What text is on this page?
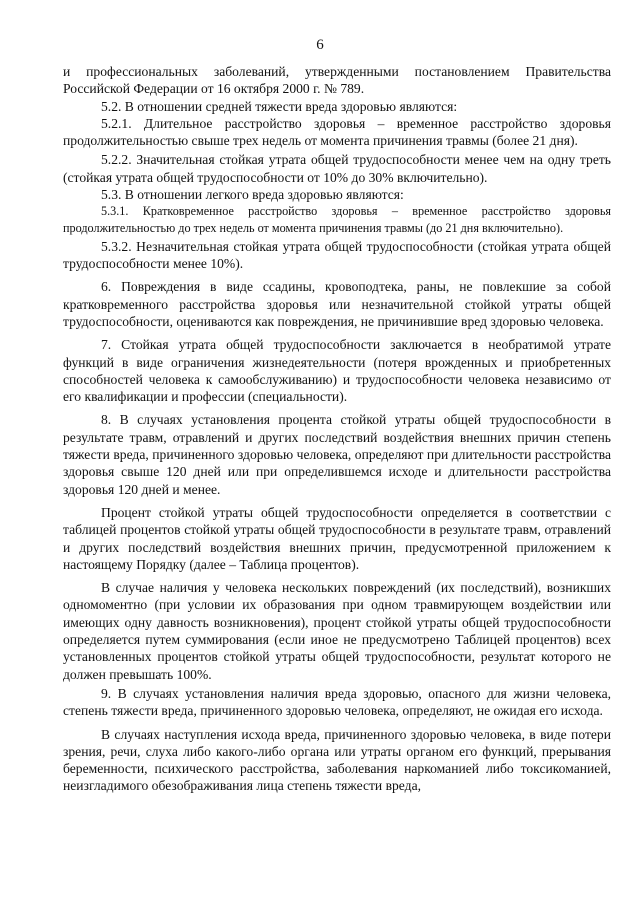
6

и профессиональных заболеваний, утвержденными постановлением Правительства Российской Федерации от 16 октября 2000 г. № 789.

5.2. В отношении средней тяжести вреда здоровью являются:

5.2.1. Длительное расстройство здоровья – временное расстройство здоровья продолжительностью свыше трех недель от момента причинения травмы (более 21 дня).

5.2.2. Значительная стойкая утрата общей трудоспособности менее чем на одну треть (стойкая утрата общей трудоспособности от 10% до 30% включительно).

5.3. В отношении легкого вреда здоровью являются:

5.3.1. Кратковременное расстройство здоровья – временное расстройство здоровья продолжительностью до трех недель от момента причинения травмы (до 21 дня включительно).

5.3.2. Незначительная стойкая утрата общей трудоспособности (стойкая утрата общей трудоспособности менее 10%).

6. Повреждения в виде ссадины, кровоподтека, раны, не повлекшие за собой кратковременного расстройства здоровья или незначительной стойкой утраты общей трудоспособности, оцениваются как повреждения, не причинившие вред здоровью человека.

7. Стойкая утрата общей трудоспособности заключается в необратимой утрате функций в виде ограничения жизнедеятельности (потеря врожденных и приобретенных способностей человека к самообслуживанию) и трудоспособности человека независимо от его квалификации и профессии (специальности).

8. В случаях установления процента стойкой утраты общей трудоспособности в результате травм, отравлений и других последствий воздействия внешних причин степень тяжести вреда, причиненного здоровью человека, определяют при длительности расстройства здоровья свыше 120 дней или при определившемся исходе и длительности расстройства здоровья 120 дней и менее.

Процент стойкой утраты общей трудоспособности определяется в соответствии с таблицей процентов стойкой утраты общей трудоспособности в результате травм, отравлений и других последствий воздействия внешних причин, предусмотренной приложением к настоящему Порядку (далее – Таблица процентов).

В случае наличия у человека нескольких повреждений (их последствий), возникших одномоментно (при условии их образования при одном травмирующем воздействии или имеющих одну давность возникновения), процент стойкой утраты общей трудоспособности определяется путем суммирования (если иное не предусмотрено Таблицей процентов) всех установленных процентов стойкой утраты общей трудоспособности, результат которого не должен превышать 100%.

9. В случаях установления наличия вреда здоровью, опасного для жизни человека, степень тяжести вреда, причиненного здоровью человека, определяют, не ожидая его исхода.

В случаях наступления исхода вреда, причиненного здоровью человека, в виде потери зрения, речи, слуха либо какого-либо органа или утраты органом его функций, прерывания беременности, психического расстройства, заболевания наркоманией либо токсикоманией, неизгладимого обезображивания лица степень тяжести вреда,
